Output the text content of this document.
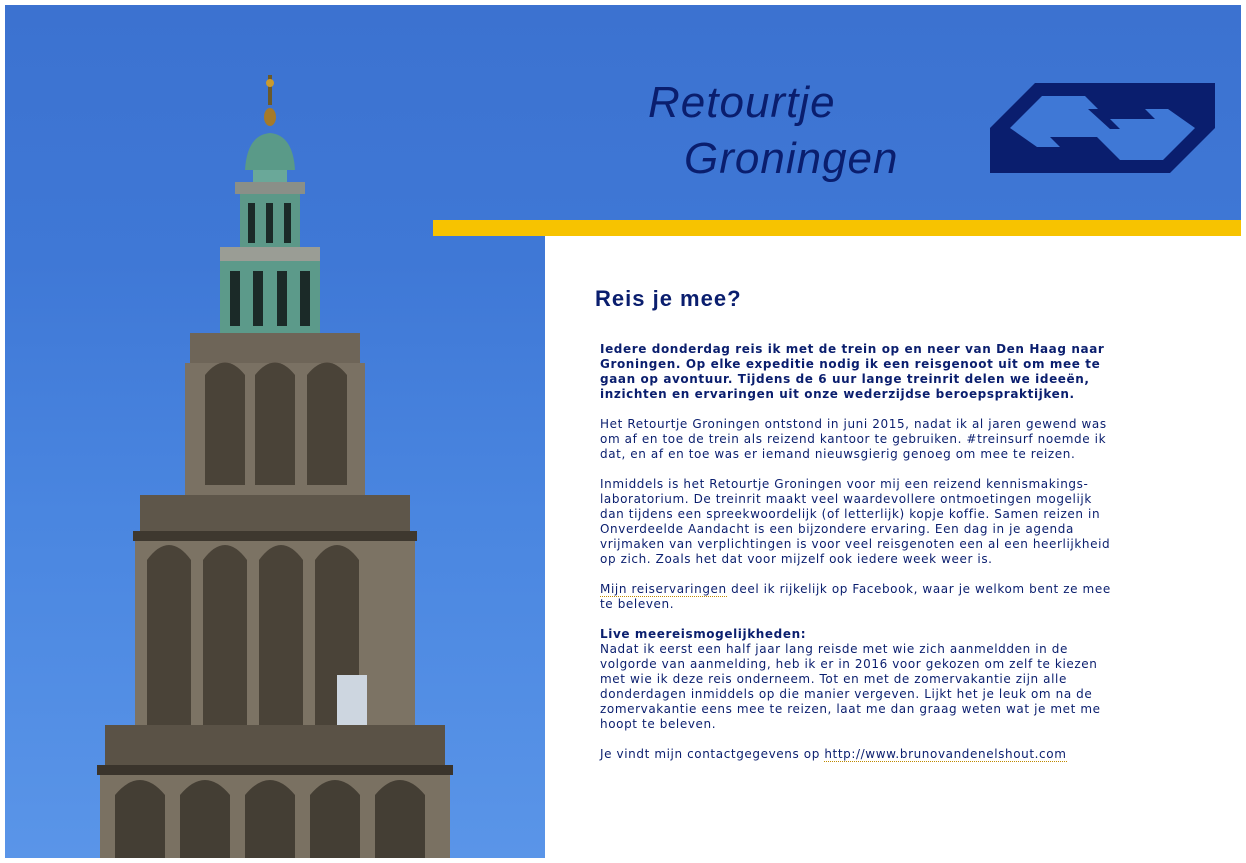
Retourtje
Groningen
Reis je mee?

Iedere donderdag reis ik met de trein op en neer van Den Haag naar Groningen. Op elke expeditie nodig ik een reisgenoot uit om mee te gaan op avontuur. Tijdens de 6 uur lange treinrit delen we ideeën, inzichten en ervaringen uit onze wederzijdse beroepspraktijken.

Het Retourtje Groningen ontstond in juni 2015, nadat ik al jaren gewend was om af en toe de trein als reizend kantoor te gebruiken. #treinsurf noemde ik dat, en af en toe was er iemand nieuwsgierig genoeg om mee te reizen.

Inmiddels is het Retourtje Groningen voor mij een reizend kennismakings-laboratorium. De treinrit maakt veel waardevollere ontmoetingen mogelijk dan tijdens een spreekwoordelijk (of letterlijk) kopje koffie. Samen reizen in Onverdeelde Aandacht is een bijzondere ervaring. Een dag in je agenda vrijmaken van verplichtingen is voor veel reisgenoten een al een heerlijkheid op zich. Zoals het dat voor mijzelf ook iedere week weer is.

Mijn reiservaringen deel ik rijkelijk op Facebook, waar je welkom bent ze mee te beleven.

Live meereismogelijkheden:
Nadat ik eerst een half jaar lang reisde met wie zich aanmeldden in de volgorde van aanmelding, heb ik er in 2016 voor gekozen om zelf te kiezen met wie ik deze reis onderneem. Tot en met de zomervakantie zijn alle donderdagen inmiddels op die manier vergeven. Lijkt het je leuk om na de zomervakantie eens mee te reizen, laat me dan graag weten wat je met me hoopt te beleven.

Je vindt mijn contactgegevens op http://www.brunovandenelshout.com
